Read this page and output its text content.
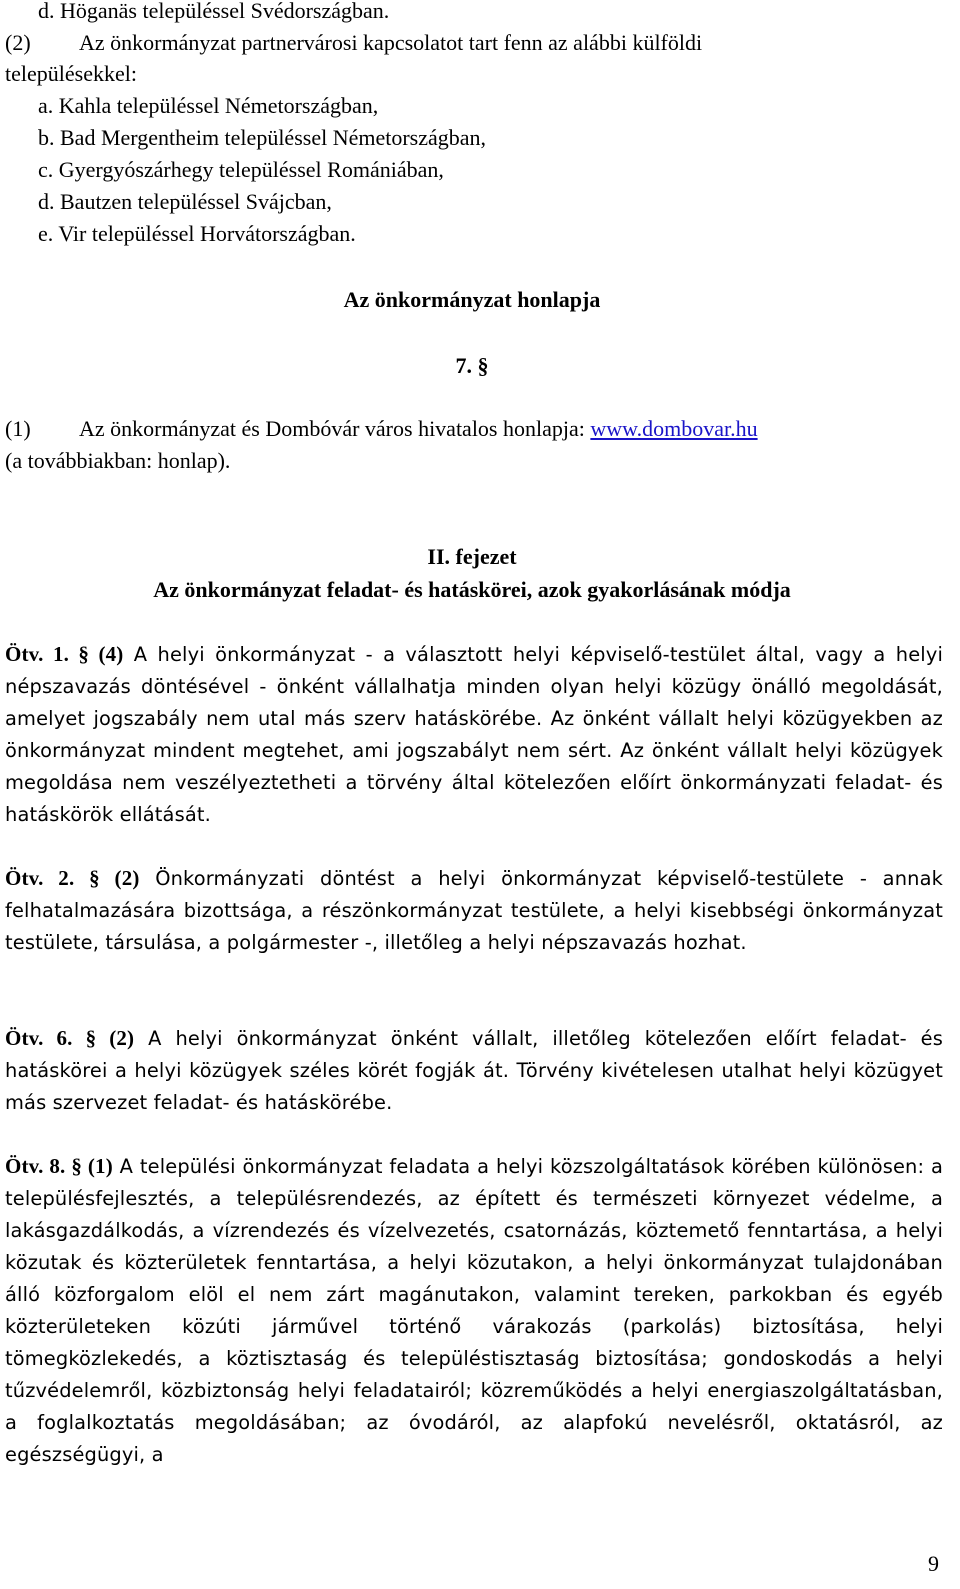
d. Höganäs településsel Svédországban.
(2) Az önkormányzat partnervárosi kapcsolatot tart fenn az alábbi külföldi
településekkel:
a. Kahla településsel Németországban,
b. Bad Mergentheim településsel Németországban,
c. Gyergyószárhegy településsel Romániában,
d. Bautzen településsel Svájcban,
e. Vir településsel Horvátországban.
Az önkormányzat honlapja
7. §
(1) Az önkormányzat és Dombóvár város hivatalos honlapja: www.dombovar.hu
(a továbbiakban: honlap).
II. fejezet
Az önkormányzat feladat- és hatáskörei, azok gyakorlásának módja

Ötv. 1. § (4) A helyi önkormányzat - a választott helyi képviselő-testület által, vagy a helyi népszavazás döntésével - önként vállalhatja minden olyan helyi közügy önálló megoldását, amelyet jogszabály nem utal más szerv hatáskörébe. Az önként vállalt helyi közügyekben az önkormányzat mindent megtehet, ami jogszabályt nem sért. Az önként vállalt helyi közügyek megoldása nem veszélyeztetheti a törvény által kötelezően előírt önkormányzati feladat- és hatáskörök ellátását.

Ötv. 2. § (2) Önkormányzati döntést a helyi önkormányzat képviselő-testülete - annak felhatalmazására bizottsága, a részönkormányzat testülete, a helyi kisebbségi önkormányzat testülete, társulása, a polgármester -, illetőleg a helyi népszavazás hozhat.

Ötv. 6. § (2) A helyi önkormányzat önként vállalt, illetőleg kötelezően előírt feladat- és hatáskörei a helyi közügyek széles körét fogják át. Törvény kivételesen utalhat helyi közügyet más szervezet feladat- és hatáskörébe.

Ötv. 8. § (1) A települési önkormányzat feladata a helyi közszolgáltatások körében különösen: a településfejlesztés, a településrendezés, az épített és természeti környezet védelme, a lakásgazdálkodás, a vízrendezés és vízelvezetés, csatornázás, köztemető fenntartása, a helyi közutak és közterületek fenntartása, a helyi közutakon, a helyi önkormányzat tulajdonában álló közforgalom elöl el nem zárt magánutakon, valamint tereken, parkokban és egyéb közterületeken közúti járművel történő várakozás (parkolás) biztosítása, helyi tömegközlekedés, a köztisztaság és településtisztaság biztosítása; gondoskodás a helyi tűzvédelemről, közbiztonság helyi feladatairól; közreműködés a helyi energiaszolgáltatásban, a foglalkoztatás megoldásában; az óvodáról, az alapfokú nevelésről, oktatásról, az egészségügyi, a

9
